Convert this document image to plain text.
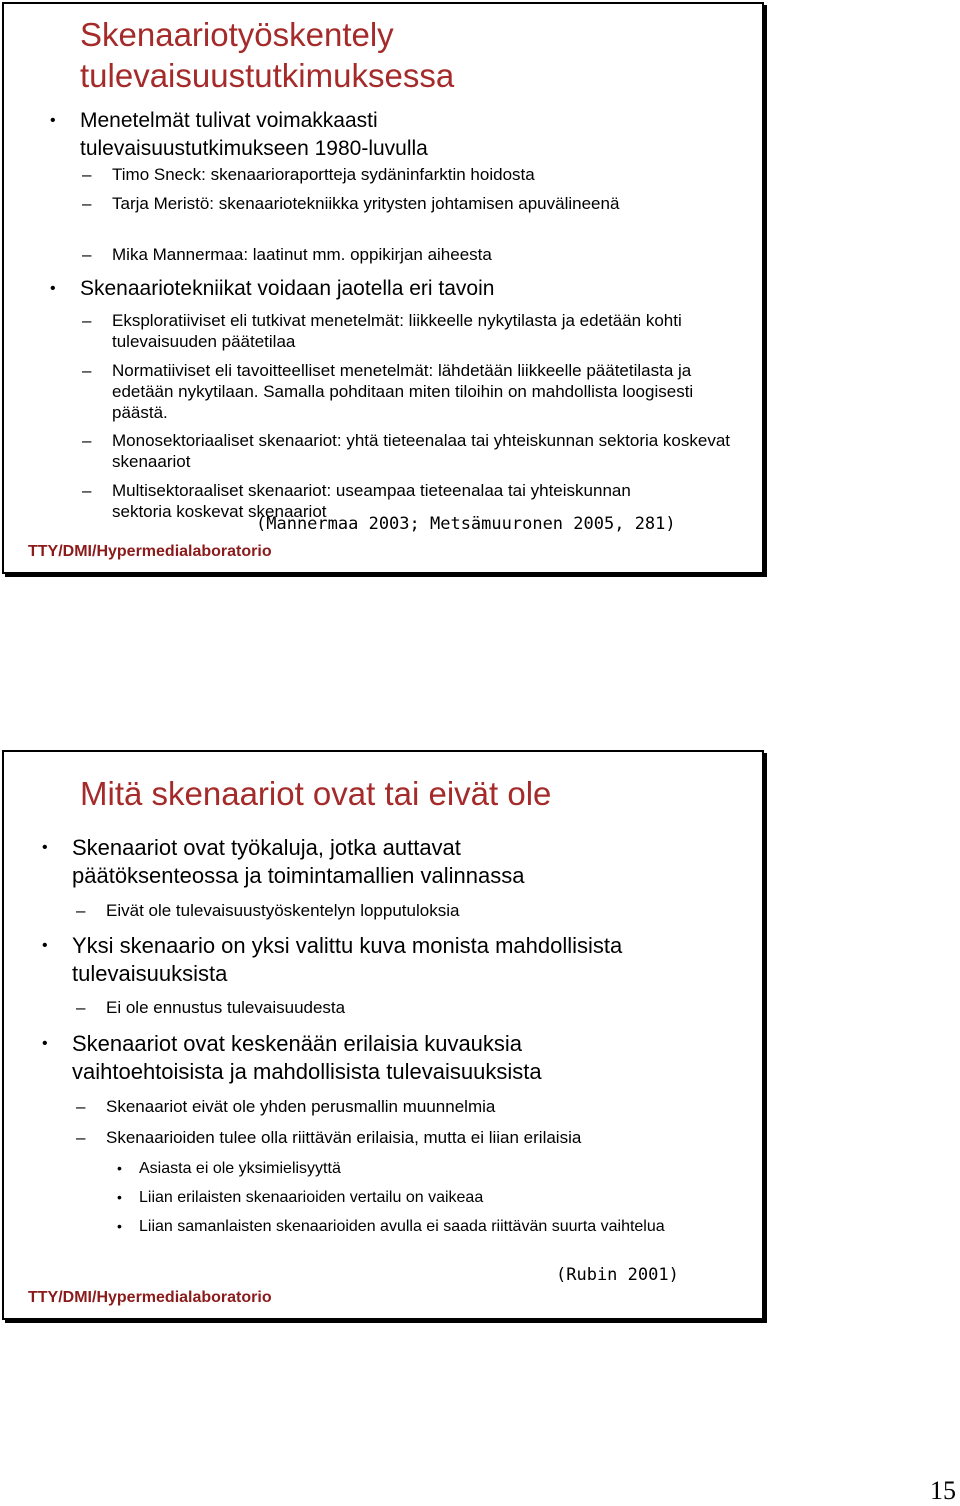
Skenaariotyöskentely tulevaisuustutkimuksessa

• Menetelmät tulivat voimakkaasti tulevaisuustutkimukseen 1980-luvulla

– Timo Sneck: skenaarioraportteja sydäninfarktin hoidosta

– Tarja Meristö: skenaariotekniikka yritysten johtamisen apuvälineenä

– Mika Mannermaa: laatinut mm. oppikirjan aiheesta

• Skenaariotekniikat voidaan jaotella eri tavoin

– Eksploratiiviset eli tutkivat menetelmät: liikkeelle nykytilasta ja edetään kohti tulevaisuuden päätetilaa

– Normatiiviset eli tavoitteelliset menetelmät: lähdetään liikkeelle päätetilasta ja edetään nykytilaan. Samalla pohditaan miten tiloihin on mahdollista loogisesti päästä.

– Monosektoriaaliset skenaariot: yhtä tieteenalaa tai yhteiskunnan sektoria koskevat skenaariot

– Multisektoraaliset skenaariot: useampaa tieteenalaa tai yhteiskunnan sektoria koskevat skenaariot

(Mannermaa 2003; Metsämuuronen 2005, 281)

TTY/DMI/Hypermedialaboratorio

Mitä skenaariot ovat tai eivät ole

• Skenaariot ovat työkaluja, jotka auttavat päätöksenteossa ja toimintamallien valinnassa

– Eivät ole tulevaisuustyöskentelyn lopputuloksia

• Yksi skenaario on yksi valittu kuva monista mahdollisista tulevaisuuksista

– Ei ole ennustus tulevaisuudesta

• Skenaariot ovat keskenään erilaisia kuvauksia vaihtoehtoisista ja mahdollisista tulevaisuuksista

– Skenaariot eivät ole yhden perusmallin muunnelmia

– Skenaarioiden tulee olla riittävän erilaisia, mutta ei liian erilaisia

• Asiasta ei ole yksimielisyyttä

• Liian erilaisten skenaarioiden vertailu on vaikeaa

• Liian samanlaisten skenaarioiden avulla ei saada riittävän suurta vaihtelua

(Rubin 2001)

TTY/DMI/Hypermedialaboratorio

15
